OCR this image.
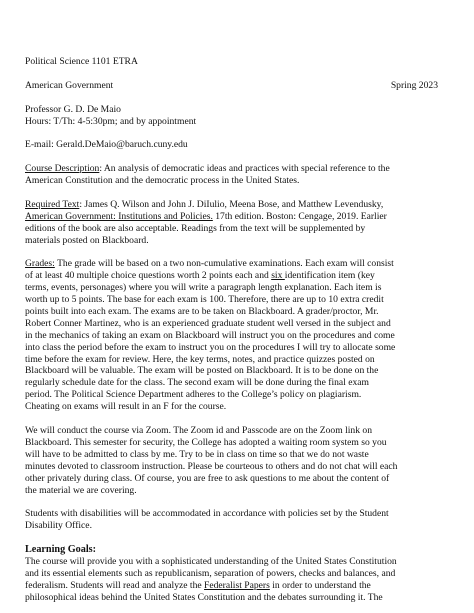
Political Science 1101 ETRA
American Government	Spring 2023
Professor G. D. De Maio
Hours: T/Th: 4-5:30pm; and by appointment
E-mail: Gerald.DeMaio@baruch.cuny.edu

Course Description: An analysis of democratic ideas and practices with special reference to the
American Constitution and the democratic process in the United States.

Required Text: James Q. Wilson and John J. DiIulio, Meena Bose, and Matthew Levendusky,
American Government: Institutions and Policies. 17th edition. Boston: Cengage, 2019. Earlier
editions of the book are also acceptable. Readings from the text will be supplemented by
materials posted on Blackboard.

Grades: The grade will be based on a two non-cumulative examinations. Each exam will consist
of at least 40 multiple choice questions worth 2 points each and six identification item (key
terms, events, personages) where you will write a paragraph length explanation. Each item is
worth up to 5 points. The base for each exam is 100. Therefore, there are up to 10 extra credit
points built into each exam. The exams are to be taken on Blackboard. A grader/proctor, Mr.
Robert Conner Martinez, who is an experienced graduate student well versed in the subject and
in the mechanics of taking an exam on Blackboard will instruct you on the procedures and come
into class the period before the exam to instruct you on the procedures I will try to allocate some
time before the exam for review. Here, the key terms, notes, and practice quizzes posted on
Blackboard will be valuable. The exam will be posted on Blackboard. It is to be done on the
regularly schedule date for the class. The second exam will be done during the final exam
period. The Political Science Department adheres to the College’s policy on plagiarism.
Cheating on exams will result in an F for the course.

We will conduct the course via Zoom. The Zoom id and Passcode are on the Zoom link on
Blackboard. This semester for security, the College has adopted a waiting room system so you
will have to be admitted to class by me. Try to be in class on time so that we do not waste
minutes devoted to classroom instruction. Please be courteous to others and do not chat will each
other privately during class. Of course, you are free to ask questions to me about the content of
the material we are covering.

Students with disabilities will be accommodated in accordance with policies set by the Student
Disability Office.

Learning Goals:
The course will provide you with a sophisticated understanding of the United States Constitution
and its essential elements such as republicanism, separation of powers, checks and balances, and
federalism. Students will read and analyze the Federalist Papers in order to understand the
philosophical ideas behind the United States Constitution and the debates surrounding it. The
